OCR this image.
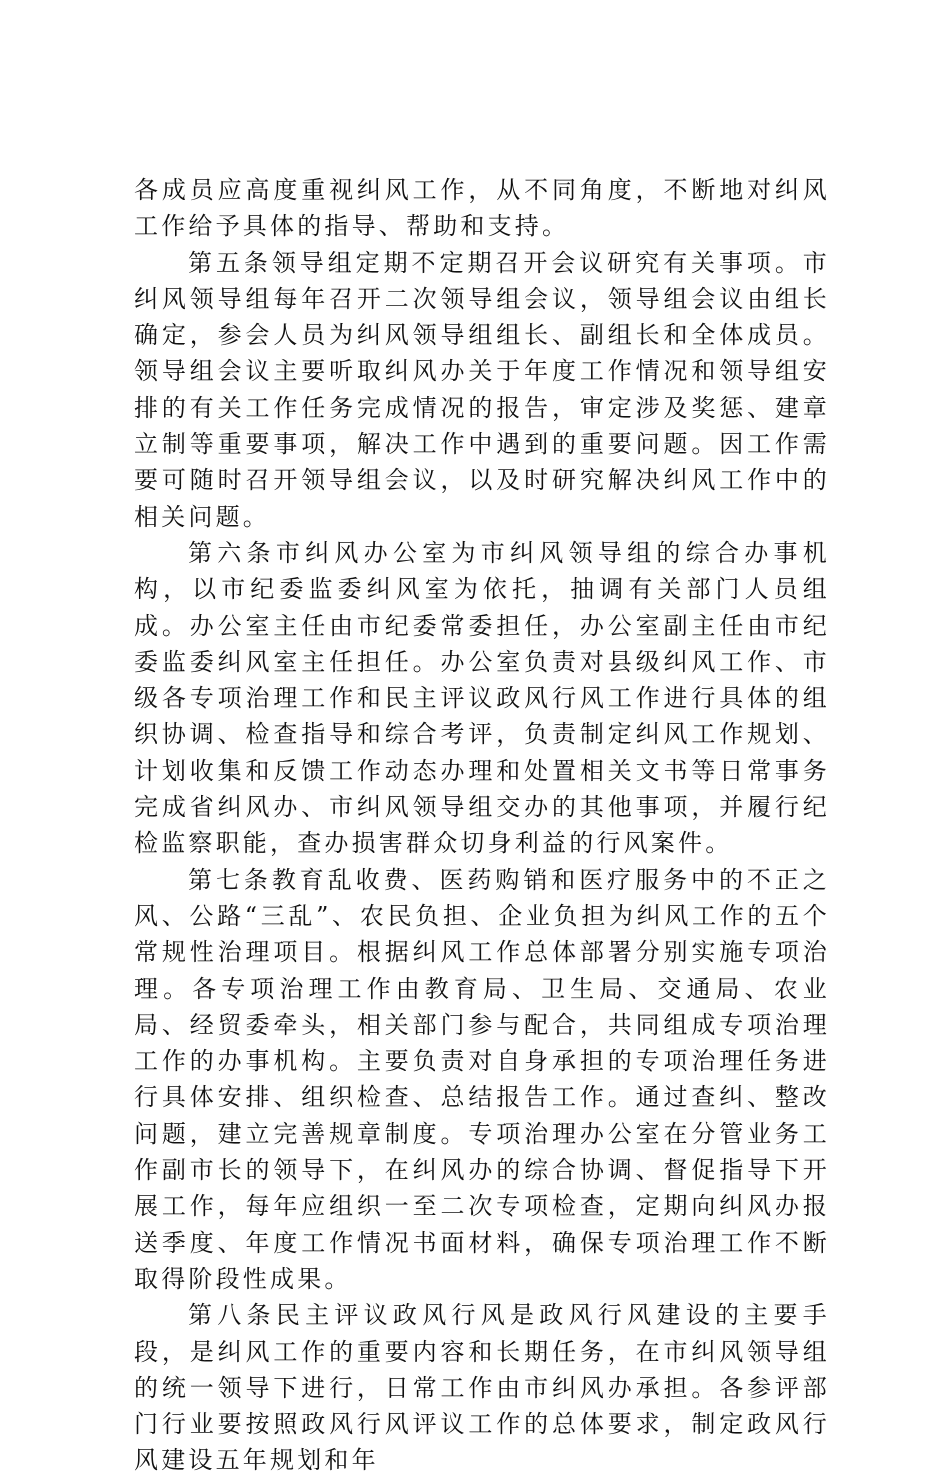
各成员应高度重视纠风工作，从不同角度，不断地对纠风工作给予具体的指导、帮助和支持。

第五条领导组定期不定期召开会议研究有关事项。市纠风领导组每年召开二次领导组会议，领导组会议由组长确定，参会人员为纠风领导组组长、副组长和全体成员。领导组会议主要听取纠风办关于年度工作情况和领导组安排的有关工作任务完成情况的报告，审定涉及奖惩、建章立制等重要事项，解决工作中遇到的重要问题。因工作需要可随时召开领导组会议，以及时研究解决纠风工作中的相关问题。

第六条市纠风办公室为市纠风领导组的综合办事机构，以市纪委监委纠风室为依托，抽调有关部门人员组成。办公室主任由市纪委常委担任，办公室副主任由市纪委监委纠风室主任担任。办公室负责对县级纠风工作、市级各专项治理工作和民主评议政风行风工作进行具体的组织协调、检查指导和综合考评，负责制定纠风工作规划、计划收集和反馈工作动态办理和处置相关文书等日常事务完成省纠风办、市纠风领导组交办的其他事项，并履行纪检监察职能，查办损害群众切身利益的行风案件。

第七条教育乱收费、医药购销和医疗服务中的不正之风、公路“三乱”、农民负担、企业负担为纠风工作的五个常规性治理项目。根据纠风工作总体部署分别实施专项治理。各专项治理工作由教育局、卫生局、交通局、农业局、经贸委牵头，相关部门参与配合，共同组成专项治理工作的办事机构。主要负责对自身承担的专项治理任务进行具体安排、组织检查、总结报告工作。通过查纠、整改问题，建立完善规章制度。专项治理办公室在分管业务工作副市长的领导下，在纠风办的综合协调、督促指导下开展工作，每年应组织一至二次专项检查，定期向纠风办报送季度、年度工作情况书面材料，确保专项治理工作不断取得阶段性成果。

第八条民主评议政风行风是政风行风建设的主要手段，是纠风工作的重要内容和长期任务，在市纠风领导组的统一领导下进行，日常工作由市纠风办承担。各参评部门行业要按照政风行风评议工作的总体要求，制定政风行风建设五年规划和年
